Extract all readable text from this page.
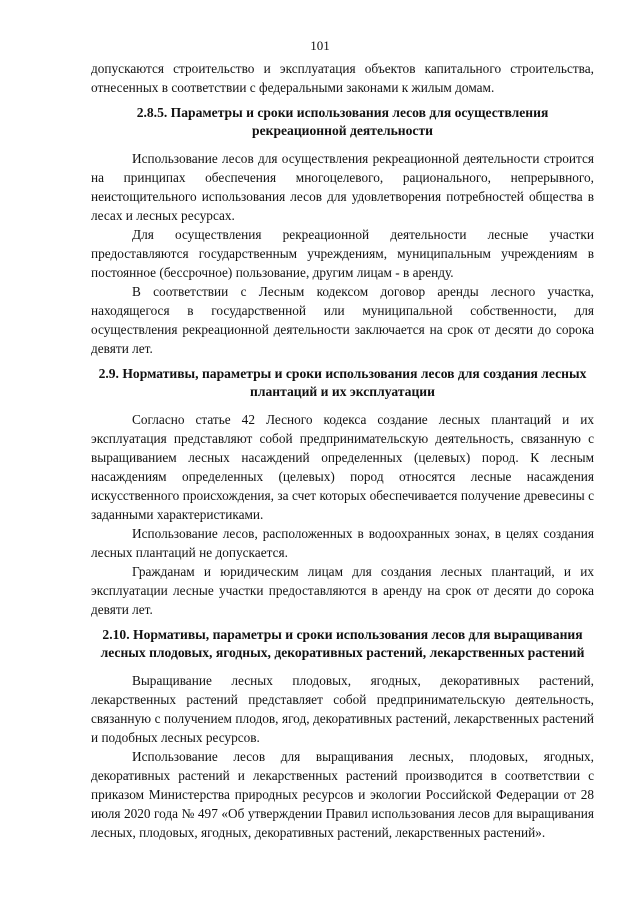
101

допускаются строительство и эксплуатация объектов капитального строительства, отнесенных в соответствии с федеральными законами к жилым домам.

2.8.5. Параметры и сроки использования лесов для осуществления рекреационной деятельности

Использование лесов для осуществления рекреационной деятельности строится на принципах обеспечения многоцелевого, рационального, непрерывного, неистощительного использования лесов для удовлетворения потребностей общества в лесах и лесных ресурсах.

Для осуществления рекреационной деятельности лесные участки предоставляются государственным учреждениям, муниципальным учреждениям в постоянное (бессрочное) пользование, другим лицам - в аренду.

В соответствии с Лесным кодексом договор аренды лесного участка, находящегося в государственной или муниципальной собственности, для осуществления рекреационной деятельности заключается на срок от десяти до сорока девяти лет.

2.9. Нормативы, параметры и сроки использования лесов для создания лесных плантаций и их эксплуатации

Согласно статье 42 Лесного кодекса создание лесных плантаций и их эксплуатация представляют собой предпринимательскую деятельность, связанную с выращиванием лесных насаждений определенных (целевых) пород. К лесным насаждениям определенных (целевых) пород относятся лесные насаждения искусственного происхождения, за счет которых обеспечивается получение древесины с заданными характеристиками.

Использование лесов, расположенных в водоохранных зонах, в целях создания лесных плантаций не допускается.

Гражданам и юридическим лицам для создания лесных плантаций, и их эксплуатации лесные участки предоставляются в аренду на срок от десяти до сорока девяти лет.

2.10. Нормативы, параметры и сроки использования лесов для выращивания лесных плодовых, ягодных, декоративных растений, лекарственных растений

Выращивание лесных плодовых, ягодных, декоративных растений, лекарственных растений представляет собой предпринимательскую деятельность, связанную с получением плодов, ягод, декоративных растений, лекарственных растений и подобных лесных ресурсов.

Использование лесов для выращивания лесных, плодовых, ягодных, декоративных растений и лекарственных растений производится в соответствии с приказом Министерства природных ресурсов и экологии Российской Федерации от 28 июля 2020 года № 497 «Об утверждении Правил использования лесов для выращивания лесных, плодовых, ягодных, декоративных растений, лекарственных растений».
